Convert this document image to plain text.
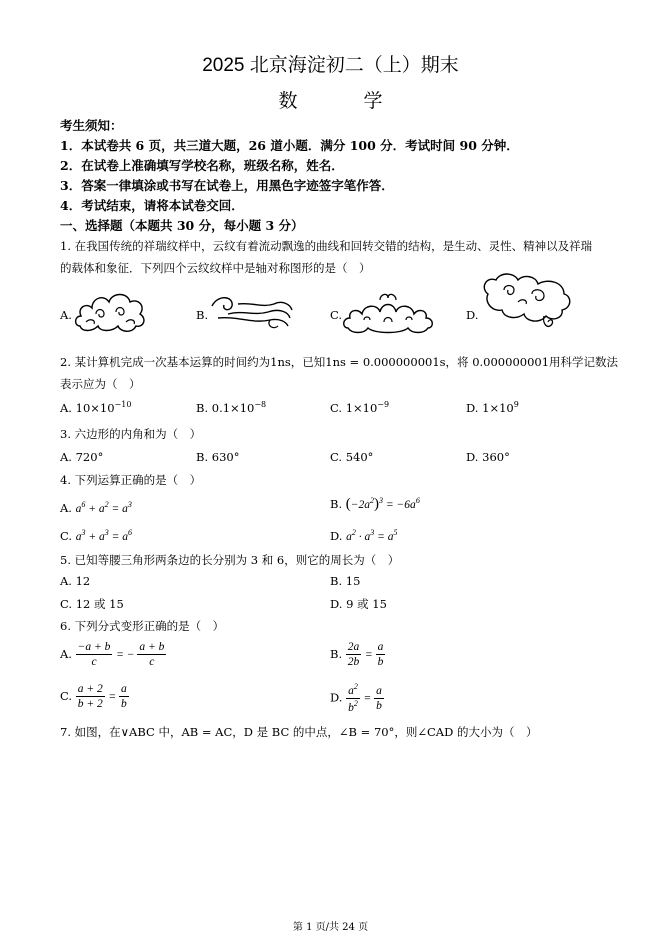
2025 北京海淀初二（上）期末
数 学
考生须知：
1．本试卷共 6 页，共三道大题，26 道小题．满分 100 分．考试时间 90 分钟．
2．在试卷上准确填写学校名称，班级名称，姓名．
3．答案一律填涂或书写在试卷上，用黑色字迹签字笔作答．
4．考试结束，请将本试卷交回．
一、选择题（本题共 30 分，每小题 3 分）
1. 在我国传统的祥瑞纹样中，云纹有着流动飘逸的曲线和回转交错的结构，是生动、灵性、精神以及祥瑞
的载体和象征．下列四个云纹纹样中是轴对称图形的是（　）
A.	B.	C.	D.
2. 某计算机完成一次基本运算的时间约为1ns，已知1ns = 0.000000001s，将 0.000000001用科学记数法
表示应为（　）
A. $10\times 10^{-10}$	B. $0.1\times 10^{-8}$	C. $1\times 10^{-9}$	D. $1\times 10^9$
3. 六边形的内角和为（　）
A. 720°	B. 630°	C. 540°	D. 360°
4. 下列运算正确的是（　）
A. $a^6 + a^2 = a^3$	B. $(-2a^2)^3 = -6a^6$
C. $a^3 + a^3 = a^6$	D. $a^2 \cdot a^3 = a^5$
5. 已知等腰三角形两条边的长分别为 3 和 6，则它的周长为（　）
A. 12	B. 15
C. 12 或 15	D. 9 或 15
6. 下列分式变形正确的是（　）
A. $\frac{-a + b}{c}$ = − $\frac{a + b}{c}$	B. $\frac{2a}{2b} = \frac{a}{b}$
C. $\frac{a + 2}{b + 2} = \frac{a}{b}$	D. $\frac{a^2}{b^2} = \frac{a}{b}$
7. 如图，在∨ABC 中，AB = AC，D 是 BC 的中点，∠B = 70°，则∠CAD 的大小为（　）
第 1 页/共 24 页
